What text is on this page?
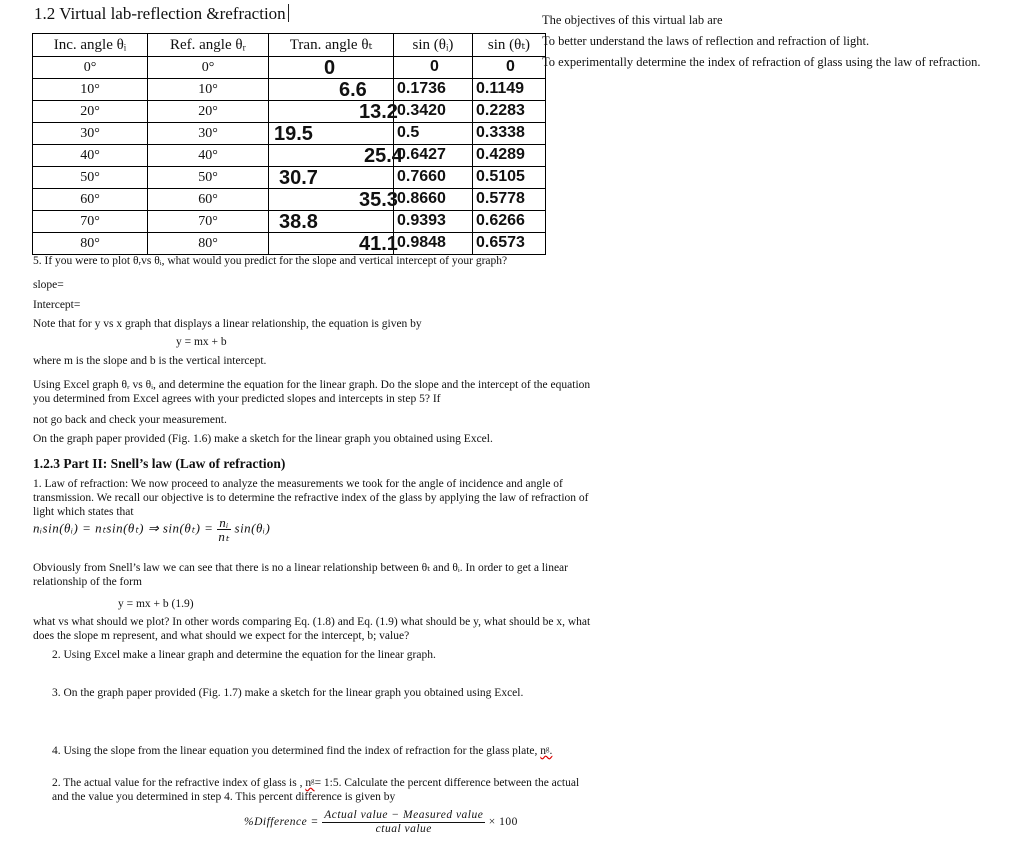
1.2 Virtual lab-reflection &refraction
Inc. angle θᵢ	Ref. angle θᵣ	Tran. angle θₜ	sin (θᵢ)	sin (θₜ)
0°	0°	0	0	0
10°	10°	6.6	0.1736	0.1149
20°	20°	13.2	0.3420	0.2283
30°	30°	19.5	0.5	0.3338
40°	40°	25.4	0.6427	0.4289
50°	50°	30.7	0.7660	0.5105
60°	60°	35.3	0.8660	0.5778
70°	70°	38.8	0.9393	0.6266
80°	80°	41.1	0.9848	0.6573
The objectives of this virtual lab are
To better understand the laws of reflection and refraction of light.
To experimentally determine the index of refraction of glass using the law of refraction.
5. If you were to plot θᵣvs θᵢ, what would you predict for the slope and vertical intercept of your graph?
slope=
Intercept=
Note that for y vs x graph that displays a linear relationship, the equation is given by
y = mx + b
where m is the slope and b is the vertical intercept.
Using Excel graph θᵣ vs θᵢ, and determine the equation for the linear graph. Do the slope and the intercept of the equation you determined from Excel agrees with your predicted slopes and intercepts in step 5? If
not go back and check your measurement.
On the graph paper provided (Fig. 1.6) make a sketch for the linear graph you obtained using Excel.
1.2.3 Part II: Snell’s law (Law of refraction)
1. Law of refraction: We now proceed to analyze the measurements we took for the angle of incidence and angle of transmission. We recall our objective is to determine the refractive index of the glass by applying the law of refraction of light which states that
nᵢsin(θᵢ) = nₜsin(θₜ) ⇒ $\sin(\theta_t) = \frac{\text{nᵢ}}{\text{nₜ}}$ sin(θᵢ)
Obviously from Snell’s law we can see that there is no a linear relationship between θₜ and θᵢ. In order to get a linear relationship of the form
y = mx + b (1.9)
what vs what should we plot? In other words comparing Eq. (1.8) and Eq. (1.9) what should be y, what should be x, what does the slope m represent, and what should we expect for the intercept, b; value?
2. Using Excel make a linear graph and determine the equation for the linear graph.
3. On the graph paper provided (Fig. 1.7) make a sketch for the linear graph you obtained using Excel.
4. Using the slope from the linear equation you determined find the index of refraction for the glass plate, nᵍ.
2. The actual value for the refractive index of glass is , nᵍ= 1:5. Calculate the percent difference between the actual and the value you determined in step 4. This percent difference is given by
%Difference = $\frac{\text{Actual value − Measured value}}{\text{ctual value}} \times 100$
